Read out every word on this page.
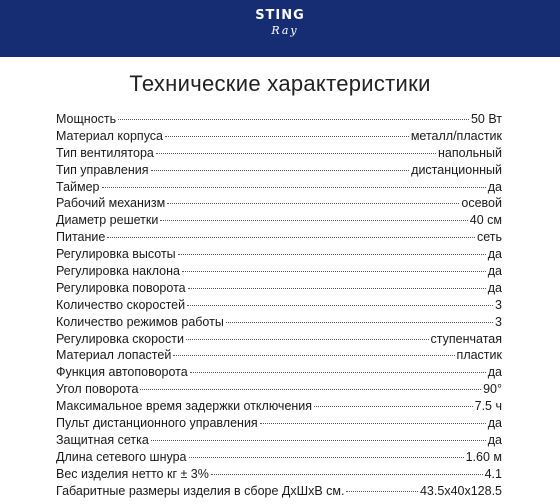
STING
Ray
Технические характеристики
Мощность	50 Вт
Материал корпуса	металл/пластик
Тип вентилятора	напольный
Тип управления	дистанционный
Таймер	да
Рабочий механизм	осевой
Диаметр решетки	40 см
Питание	сеть
Регулировка высоты	да
Регулировка наклона	да
Регулировка поворота	да
Количество скоростей	3
Количество режимов работы	3
Регулировка скорости	ступенчатая
Материал лопастей	пластик
Функция автоповорота	да
Угол поворота	90°
Максимальное время задержки отключения	7.5 ч
Пульт дистанционного управления	да
Защитная сетка	да
Длина сетевого шнура	1.60 м
Вес изделия нетто кг ± 3%	4.1
Габаритные размеры изделия в сборе ДхШхВ см.	43.5x40x128.5
